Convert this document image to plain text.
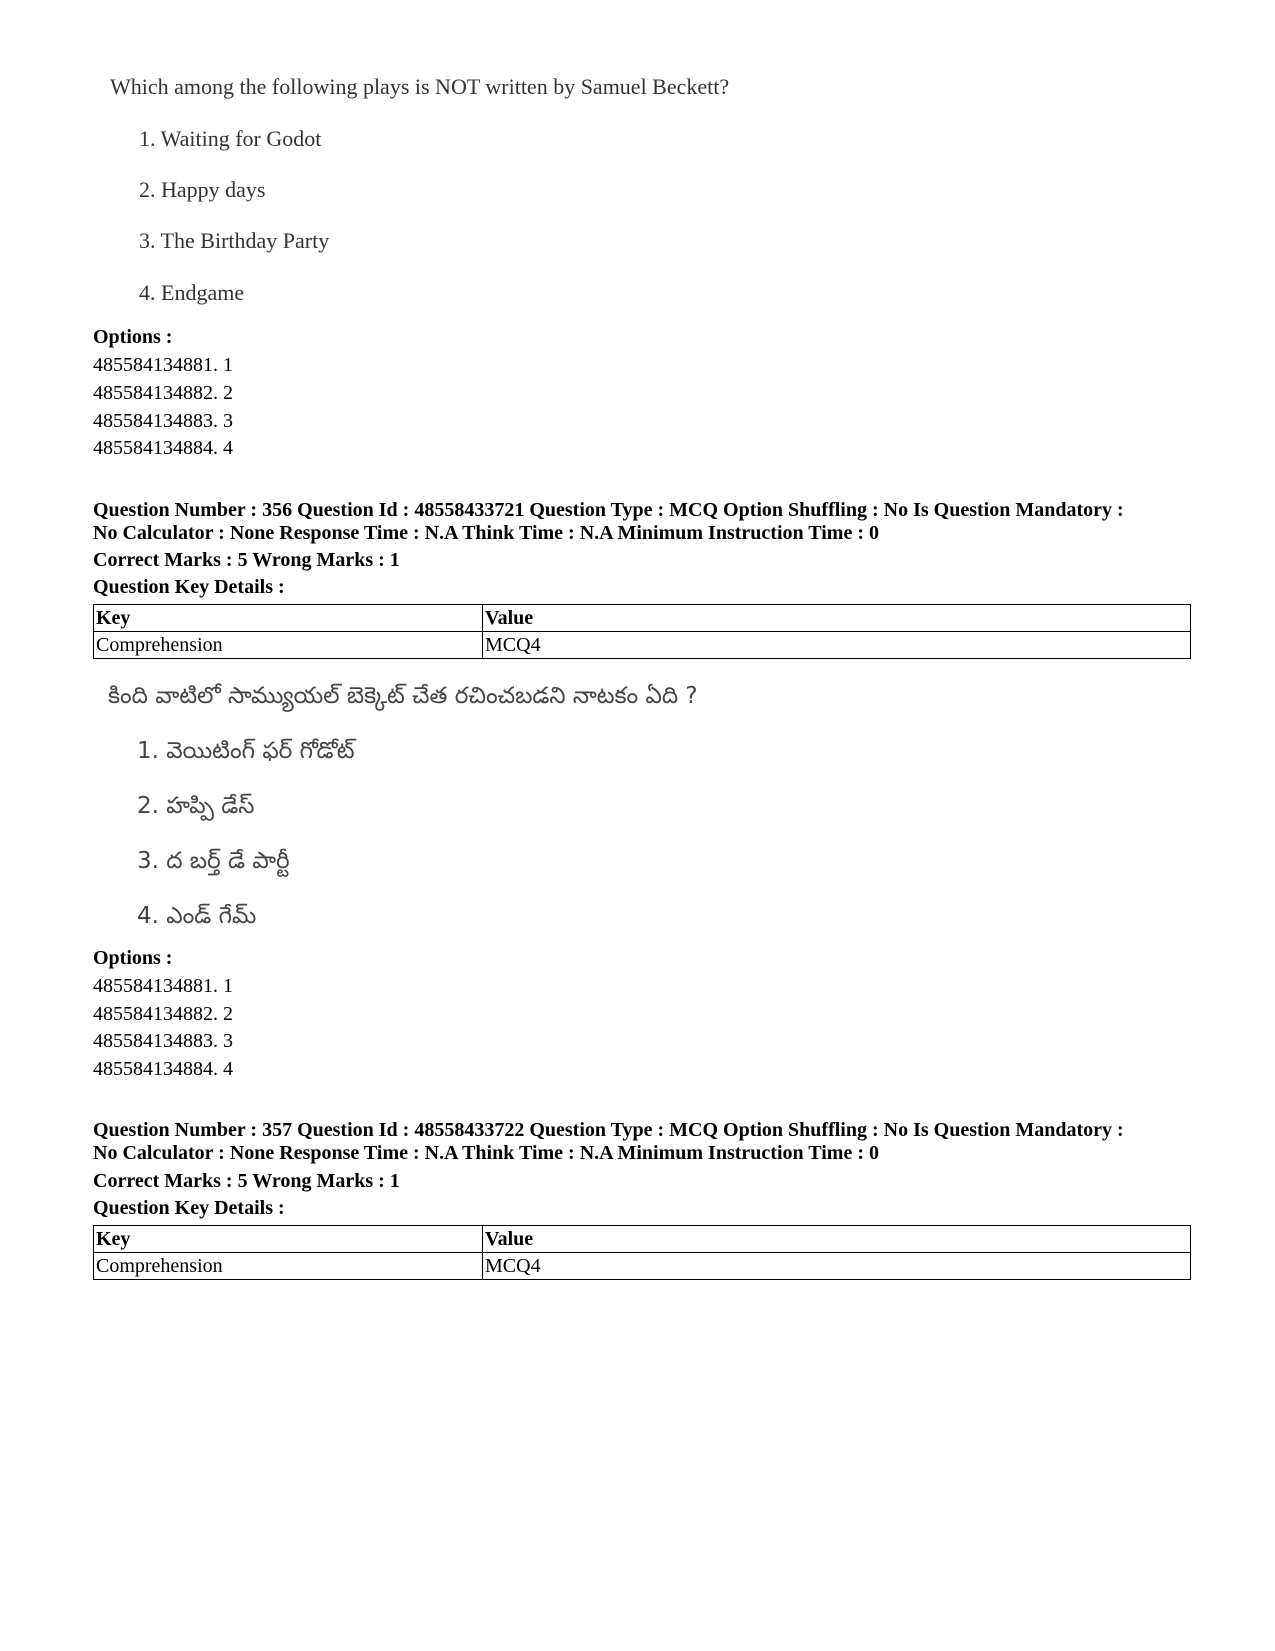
Which among the following plays is NOT written by Samuel Beckett?
1. Waiting for Godot
2. Happy days
3. The Birthday Party
4. Endgame
Options :
485584134881. 1
485584134882. 2
485584134883. 3
485584134884. 4
Question Number : 356 Question Id : 48558433721 Question Type : MCQ Option Shuffling : No Is Question Mandatory :
No Calculator : None Response Time : N.A Think Time : N.A Minimum Instruction Time : 0
Correct Marks : 5 Wrong Marks : 1
Question Key Details :
Key	Value
Comprehension	MCQ4
కింది వాటిలో సామ్యుయల్ బెక్కెట్ చేత రచించబడని నాటకం ఏది ?
1. వెయిటింగ్ ఫర్ గోడోట్
2. హప్పి డేస్
3. ద బర్త్ డే పార్టీ
4. ఎండ్ గేమ్
Options :
485584134881. 1
485584134882. 2
485584134883. 3
485584134884. 4
Question Number : 357 Question Id : 48558433722 Question Type : MCQ Option Shuffling : No Is Question Mandatory :
No Calculator : None Response Time : N.A Think Time : N.A Minimum Instruction Time : 0
Correct Marks : 5 Wrong Marks : 1
Question Key Details :
Key	Value
Comprehension	MCQ4
